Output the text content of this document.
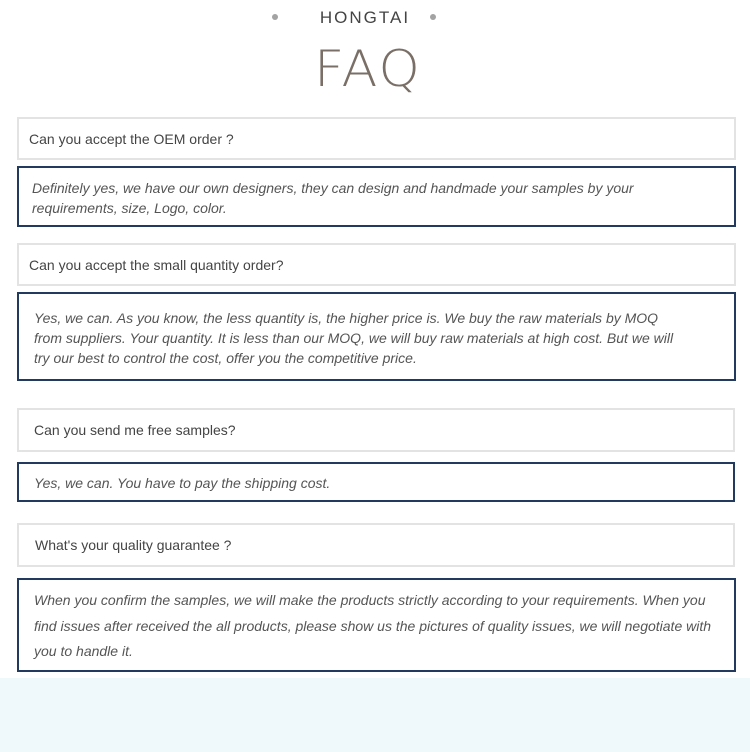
HONGTAI
FAQ
Can you accept the OEM order ?
Definitely yes, we have our own designers, they can design and handmade your samples by your
requirements, size, Logo, color.
Can you accept the small quantity order?
Yes, we can. As you know, the less quantity is, the higher price is. We buy the raw materials by MOQ
from suppliers. Your quantity. It is less than our MOQ, we will buy raw materials at high cost. But we will
try our best to control the cost, offer you the competitive price.
Can you send me free samples?
Yes, we can. You have to pay the shipping cost.
What's your quality guarantee ?
When you confirm the samples, we will make the products strictly according to your requirements. When you
find issues after received the all products, please show us the pictures of quality issues, we will negotiate with
you to handle it.
